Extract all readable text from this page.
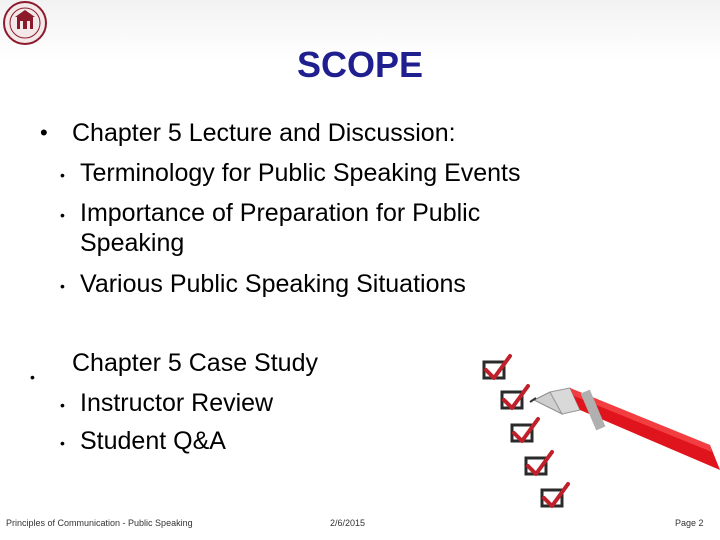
SCOPE
• Chapter 5 Lecture and Discussion:
• Terminology for Public Speaking Events
• Importance of Preparation for Public
Speaking
• Various Public Speaking Situations
• Chapter 5 Case Study
• Instructor Review
• Student Q&A
Principles of Communication - Public Speaking	2/6/2015	Page 2
